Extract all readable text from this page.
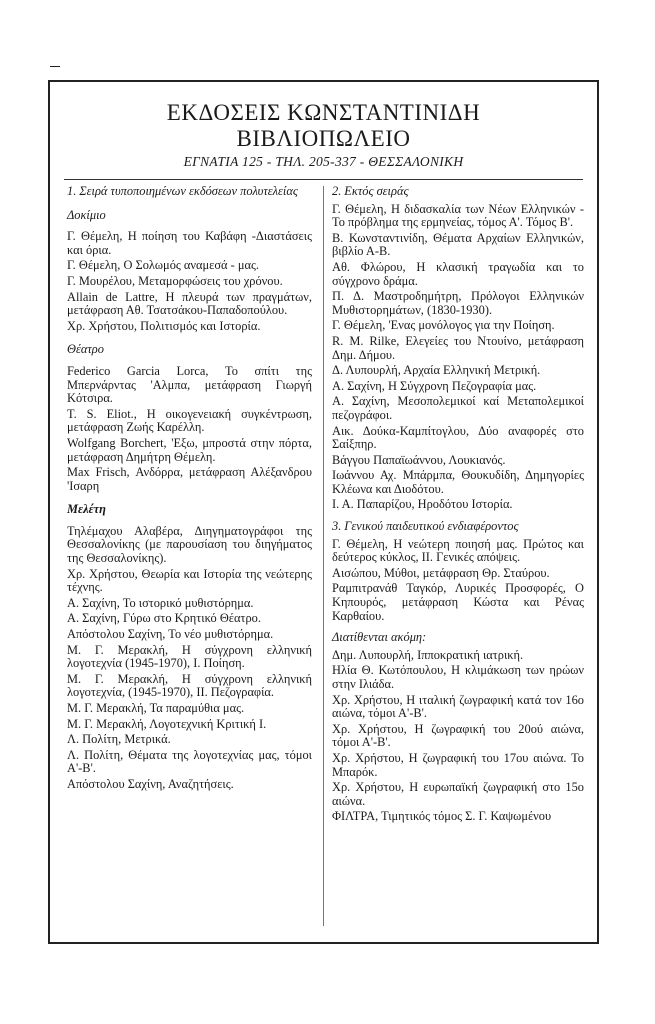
ΕΚΔΟΣΕΙΣ ΚΩΝΣΤΑΝΤΙΝΙΔΗ
ΒΙΒΛΙΟΠΩΛΕΙΟ
ΕΓΝΑΤΙΑ 125 - ΤΗΛ. 205-337 - ΘΕΣΣΑΛΟΝΙΚΗ
1. Σειρά τυποποιημένων εκδόσεων πολυτελείας
Δοκίμιο
Γ. Θέμελη, Η ποίηση του Καβάφη -Διαστάσεις και όρια.
Γ. Θέμελη, Ο Σολωμός αναμεσά - μας.
Γ. Μουρέλου, Μεταμορφώσεις του χρόνου.
Allain de Lattre, Η πλευρά των πραγμάτων, μετάφραση Αθ. Τσατσάκου-Παπαδοπούλου.
Χρ. Χρήστου, Πολιτισμός και Ιστορία.
Θέατρο
Federico Garcia Lorca, Το σπίτι της Μπερνάρντας 'Αλμπα, μετάφραση Γιωργή Κότσιρα.
T. S. Eliot., Η οικογενειακή συγκέντρωση, μετάφραση Ζωής Καρέλλη.
Wolfgang Borchert, 'Εξω, μπροστά στην πόρτα, μετάφραση Δημήτρη Θέμελη.
Max Frisch, Ανδόρρα, μετάφραση Αλέξανδρου 'Ισαρη
Μελέτη
Τηλέμαχου Αλαβέρα, Διηγηματογράφοι της Θεσσαλονίκης (με παρουσίαση του διηγήματος της Θεσσαλονίκης).
Χρ. Χρήστου, Θεωρία και Ιστορία της νεώτερης τέχνης.
Α. Σαχίνη, Το ιστορικό μυθιστόρημα.
Α. Σαχίνη, Γύρω στο Κρητικό Θέατρο.
Απόστολου Σαχίνη, Το νέο μυθιστόρημα.
Μ. Γ. Μερακλή, Η σύγχρονη ελληνική λογοτεχνία (1945-1970), Ι. Ποίηση.
Μ. Γ. Μερακλή, Η σύγχρονη ελληνική λογοτεχνία, (1945-1970), ΙΙ. Πεζογραφία.
Μ. Γ. Μερακλή, Τα παραμύθια μας.
Μ. Γ. Μερακλή, Λογοτεχνική Κριτική Ι.
Λ. Πολίτη, Μετρικά.
Λ. Πολίτη, Θέματα της λογοτεχνίας μας, τόμοι Α'-Β'.
Απόστολου Σαχίνη, Αναζητήσεις.
2. Εκτός σειράς
Γ. Θέμελη, Η διδασκαλία των Νέων Ελληνικών - Το πρόβλημα της ερμηνείας, τόμος Α'. Τόμος Β'.
Β. Κωνσταντινίδη, Θέματα Αρχαίων Ελληνικών, βιβλίο Α-Β.
Αθ. Φλώρου, Η κλασική τραγωδία και το σύγχρονο δράμα.
Π. Δ. Μαστροδημήτρη, Πρόλογοι Ελληνικών Μυθιστορημάτων, (1830-1930).
Γ. Θέμελη, 'Ενας μονόλογος για την Ποίηση.
R. M. Rilke, Ελεγείες του Ντουίνο, μετάφραση Δημ. Δήμου.
Δ. Λυπουρλή, Αρχαία Ελληνική Μετρική.
Α. Σαχίνη, Η Σύγχρονη Πεζογραφία μας.
Α. Σαχίνη, Μεσοπολεμικοί καί Μεταπολεμικοί πεζογράφοι.
Αικ. Δούκα-Καμπίτογλου, Δύο αναφορές στο Σαίξπηρ.
Βάγγου Παπαϊωάννου, Λουκιανός.
Ιωάννου Αχ. Μπάρμπα, Θουκυδίδη, Δημηγορίες Κλέωνα και Διοδότου.
Ι. Α. Παπαρίζου, Ηροδότου Ιστορία.
3. Γενικού παιδευτικού ενδιαφέροντος
Γ. Θέμελη, Η νεώτερη ποιησή μας. Πρώτος και δεύτερος κύκλος, ΙΙ. Γενικές απόψεις.
Αισώπου, Μύθοι, μετάφραση Θρ. Σταύρου.
Ραμπιτρανάθ Ταγκόρ, Λυρικές Προσφορές, Ο Κηπουρός, μετάφραση Κώστα και Ρένας Καρθαίου.
Διατίθενται ακόμη:
Δημ. Λυπουρλή, Ιπποκρατική ιατρική.
Ηλία Θ. Κωτόπουλου, Η κλιμάκωση των ηρώων στην Ιλιάδα.
Χρ. Χρήστου, Η ιταλική ζωγραφική κατά τον 16ο αιώνα, τόμοι Α'-Β'.
Χρ. Χρήστου, Η ζωγραφική του 20ού αιώνα, τόμοι Α'-Β'.
Χρ. Χρήστου, Η ζωγραφική του 17ου αιώνα. Το Μπαρόκ.
Χρ. Χρήστου, Η ευρωπαϊκή ζωγραφική στο 15ο αιώνα.
ΦΙΛΤΡΑ, Τιμητικός τόμος Σ. Γ. Καψωμένου
